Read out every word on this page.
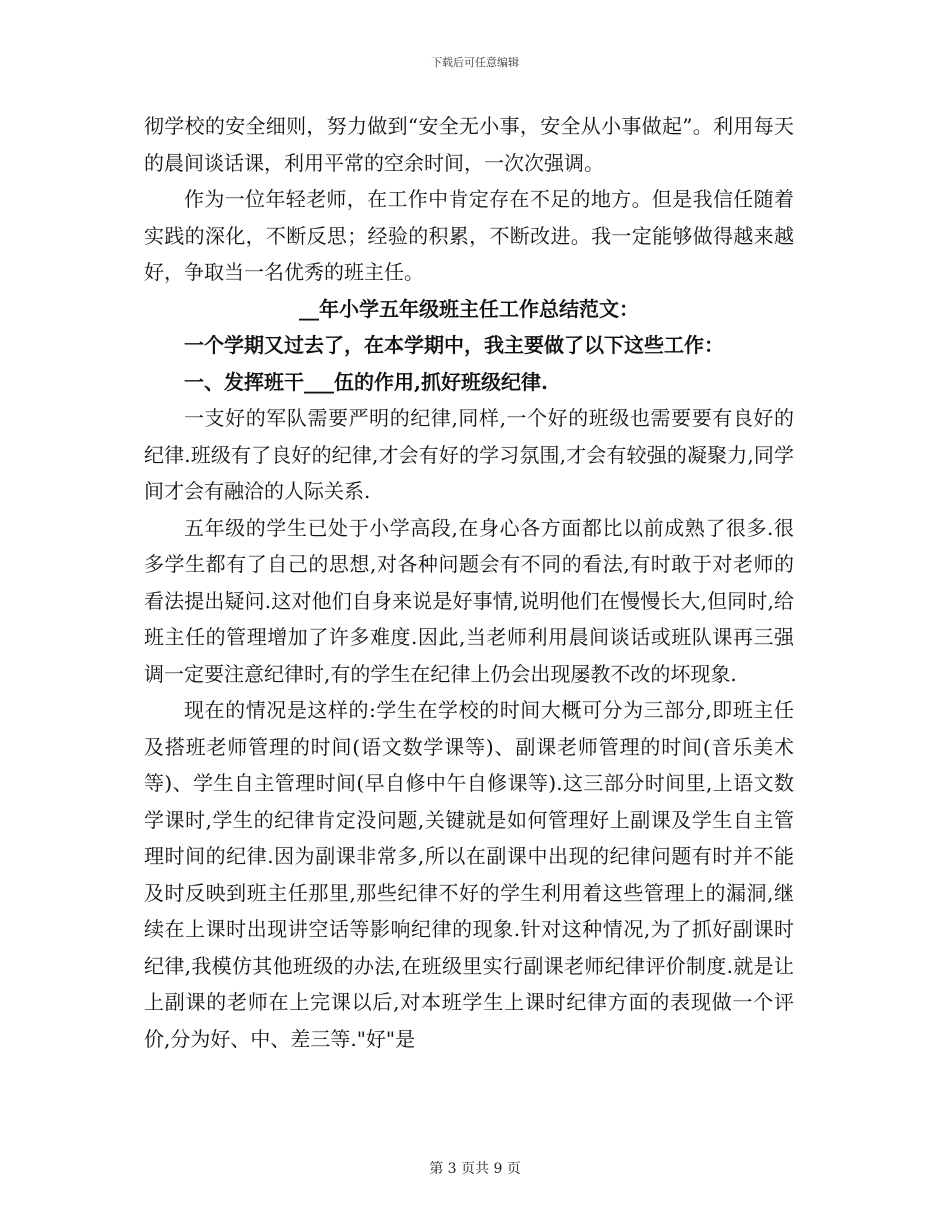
下载后可任意编辑

彻学校的安全细则，努力做到“安全无小事，安全从小事做起”。利用每天的晨间谈话课，利用平常的空余时间，一次次强调。

作为一位年轻老师，在工作中肯定存在不足的地方。但是我信任随着实践的深化，不断反思；经验的积累，不断改进。我一定能够做得越来越好，争取当一名优秀的班主任。

__年小学五年级班主任工作总结范文：

一个学期又过去了，在本学期中，我主要做了以下这些工作：

一、发挥班干___伍的作用,抓好班级纪律.

一支好的军队需要严明的纪律,同样,一个好的班级也需要要有良好的纪律.班级有了良好的纪律,才会有好的学习氛围,才会有较强的凝聚力,同学间才会有融洽的人际关系.

五年级的学生已处于小学高段,在身心各方面都比以前成熟了很多.很多学生都有了自己的思想,对各种问题会有不同的看法,有时敢于对老师的看法提出疑问.这对他们自身来说是好事情,说明他们在慢慢长大,但同时,给班主任的管理增加了许多难度.因此,当老师利用晨间谈话或班队课再三强调一定要注意纪律时,有的学生在纪律上仍会出现屡教不改的坏现象.

现在的情况是这样的:学生在学校的时间大概可分为三部分,即班主任及搭班老师管理的时间(语文数学课等)、副课老师管理的时间(音乐美术等)、学生自主管理时间(早自修中午自修课等).这三部分时间里,上语文数学课时,学生的纪律肯定没问题,关键就是如何管理好上副课及学生自主管理时间的纪律.因为副课非常多,所以在副课中出现的纪律问题有时并不能及时反映到班主任那里,那些纪律不好的学生利用着这些管理上的漏洞,继续在上课时出现讲空话等影响纪律的现象.针对这种情况,为了抓好副课时纪律,我模仿其他班级的办法,在班级里实行副课老师纪律评价制度.就是让上副课的老师在上完课以后,对本班学生上课时纪律方面的表现做一个评价,分为好、中、差三等."好"是

第 3 页共 9 页
